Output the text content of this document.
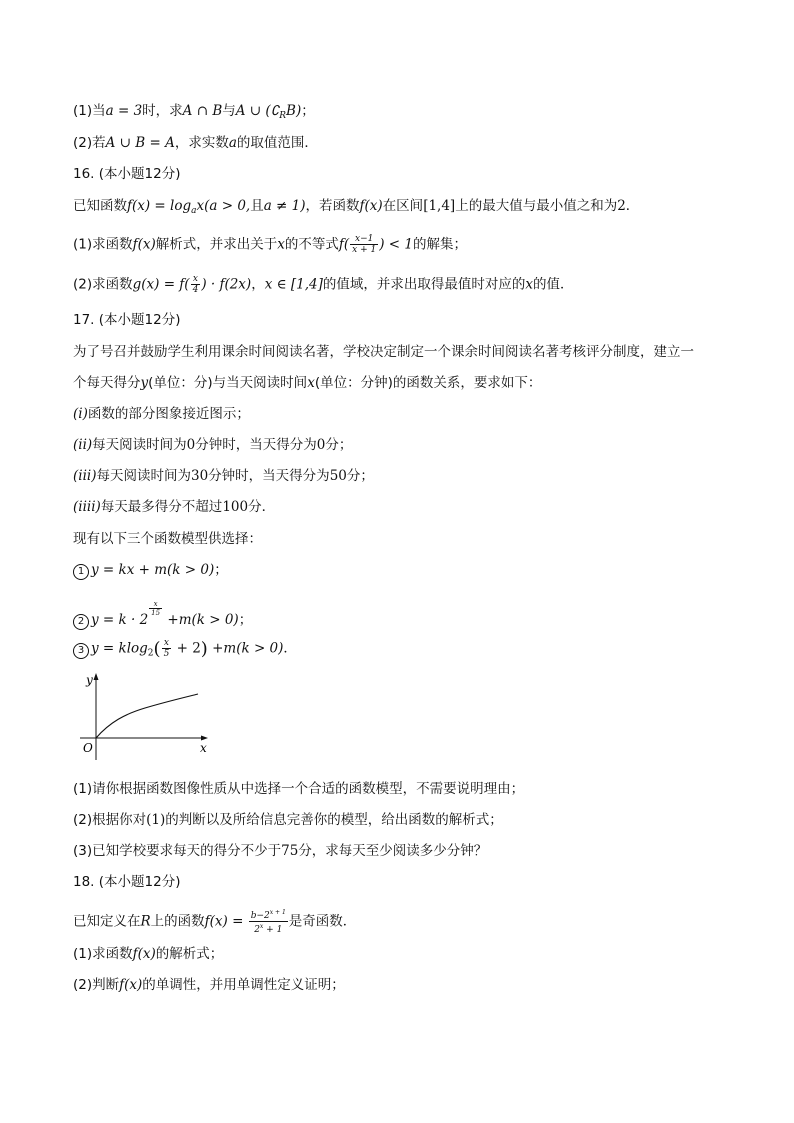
(1)当a = 3时，求A ∩ B与A ∪ $(∁_RB)$；
(2)若A ∪ B = A，求实数a的取值范围．
16. (本小题12分)
已知函数$f(x) = \log_ax(a > 0$,且a ≠ 1)，若函数f(x)在区间[1,4]上的最大值与最小值之和为2．
(1)求函数f(x)解析式，并求出关于x的不等式$f( \frac{x-1}{x + 1}$ ) < 1的解集；
(2)求函数$g(x) = f( \frac{x}{4}$ ) · f(2x)，x ∈ [1,4]的值域，并求出取得最值时对应的x的值．
17. (本小题12分)
为了号召并鼓励学生利用课余时间阅读名著，学校决定制定一个课余时间阅读名著考核评分制度，建立一
个每天得分y(单位：分)与当天阅读时间x(单位：分钟)的函数关系，要求如下：
(i)函数的部分图象接近图示；
(ii)每天阅读时间为0分钟时，当天得分为0分；
(iii)每天阅读时间为30分钟时，当天得分为50分；
(iiii)每天最多得分不超过100分．
现有以下三个函数模型供选择：
1 y = kx + m(k > 0)；
2 y = k · 2
$\frac{x}{15}$
+m(k > 0)；
3 $y = klog_2( \frac{x}{5} + 2) +m(k > 0)$．
y
x
O
(1)请你根据函数图像性质从中选择一个合适的函数模型，不需要说明理由；
(2)根据你对(1)的判断以及所给信息完善你的模型，给出函数的解析式；
(3)已知学校要求每天的得分不少于75分，求每天至少阅读多少分钟？
18. (本小题12分)
已知定义在R上的函数$f(x) = \frac{b-2^{x + 1}}{2^x + 1}$ 是奇函数．
(1)求函数f(x)的解析式；
(2)判断f(x)的单调性，并用单调性定义证明；
